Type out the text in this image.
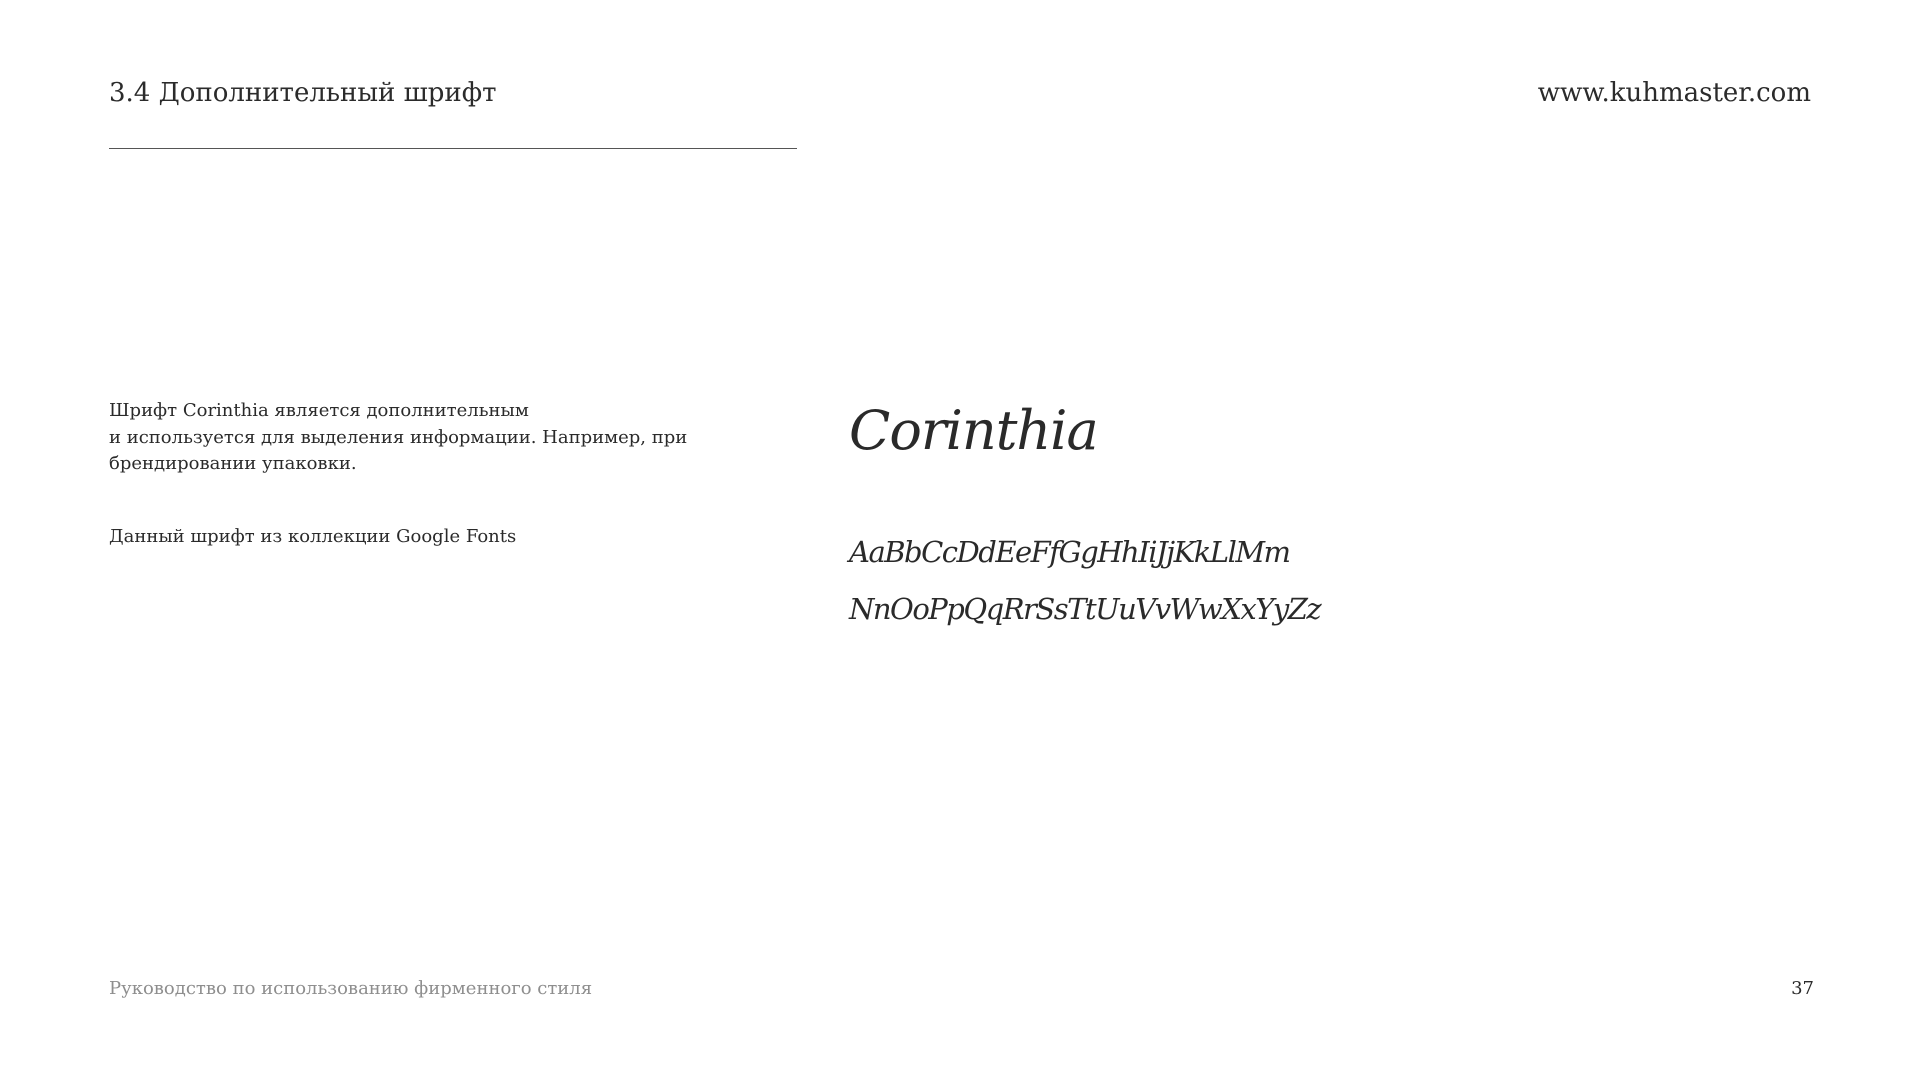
3.4 Дополнительный шрифт	www.kuhmaster.com

Шрифт Corinthia является дополнительным
и используется для выделения информации. Например, при
брендировании упаковки.

Данный шрифт из коллекции Google Fonts

Corinthia
AaBbCcDdEeFfGgHhIiJjKkLlMm
NnOoPpQqRrSsTtUuVvWwXxYyZz
Руководство по использованию фирменного стиля	37
